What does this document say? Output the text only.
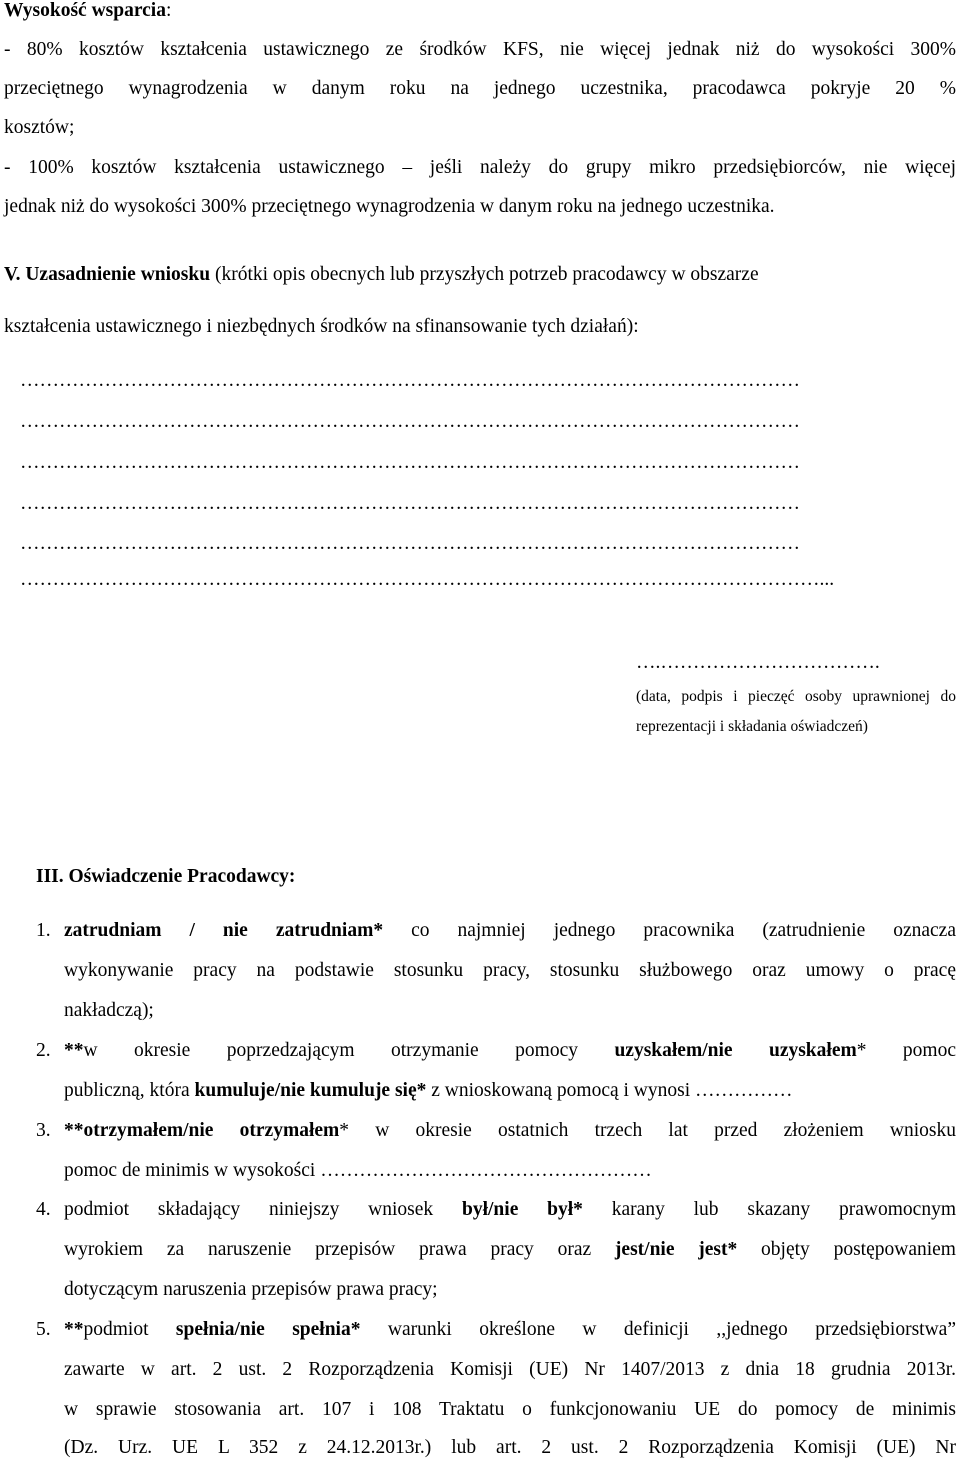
Wysokość wsparcia:
- 80% kosztów kształcenia ustawicznego ze środków KFS, nie więcej jednak niż do wysokości 300%
przeciętnego wynagrodzenia w danym roku na jednego uczestnika, pracodawca pokryje 20 %
kosztów;
- 100% kosztów kształcenia ustawicznego – jeśli należy do grupy mikro przedsiębiorców, nie więcej
jednak niż do wysokości 300% przeciętnego wynagrodzenia w danym roku na jednego uczestnika.
V. Uzasadnienie wniosku (krótki opis obecnych lub przyszłych potrzeb pracodawcy w obszarze
kształcenia ustawicznego i niezbędnych środków na sfinansowanie tych działań):
…………………………………………………………………………………………………………
…………………………………………………………………………………………………………
…………………………………………………………………………………………………………
…………………………………………………………………………………………………………
…………………………………………………………………………………………………………
……………………………………………………………………………………………………………...
….…………………………….
(data, podpis i pieczęć osoby uprawnionej do
reprezentacji i składania oświadczeń)
III. Oświadczenie Pracodawcy:
1. zatrudniam / nie zatrudniam* co najmniej jednego pracownika (zatrudnienie oznacza
wykonywanie pracy na podstawie stosunku pracy, stosunku służbowego oraz umowy o pracę
nakładczą);
2. **w okresie poprzedzającym otrzymanie pomocy uzyskałem/nie uzyskałem* pomoc
publiczną, która kumuluje/nie kumuluje się* z wnioskowaną pomocą i wynosi ……………
3. **otrzymałem/nie otrzymałem* w okresie ostatnich trzech lat przed złożeniem wniosku
pomoc de minimis w wysokości ……………………………………………
4. podmiot składający niniejszy wniosek był/nie był* karany lub skazany prawomocnym
wyrokiem za naruszenie przepisów prawa pracy oraz jest/nie jest* objęty postępowaniem
dotyczącym naruszenia przepisów prawa pracy;
5. **podmiot spełnia/nie spełnia* warunki określone w definicji ,,jednego przedsiębiorstwa”
zawarte w art. 2 ust. 2 Rozporządzenia Komisji (UE) Nr 1407/2013 z dnia 18 grudnia 2013r.
w sprawie stosowania art. 107 i 108 Traktatu o funkcjonowaniu UE do pomocy de minimis
(Dz. Urz. UE L 352 z 24.12.2013r.) lub art. 2 ust. 2 Rozporządzenia Komisji (UE) Nr
